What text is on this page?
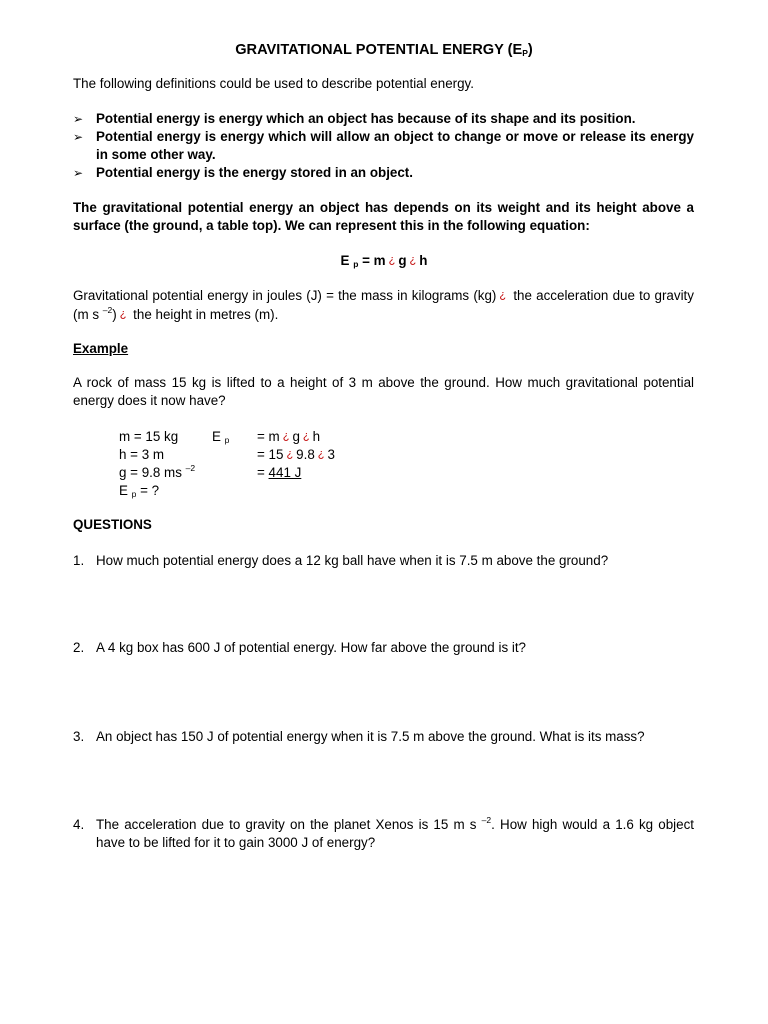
GRAVITATIONAL POTENTIAL ENERGY $(E_P)$
The following definitions could be used to describe potential energy.
➢ Potential energy is energy which an object has because of its shape and its position.
➢ Potential energy is energy which will allow an object to change or move or release its energy in some other way.
➢ Potential energy is the energy stored in an object.
The gravitational potential energy an object has depends on its weight and its height above a surface (the ground, a table top). We can represent this in the following equation:
E $_p$ = m ¿ g ¿ h
Gravitational potential energy in joules (J) = the mass in kilograms (kg) ¿ the acceleration due to gravity (m s $^{-2}$) ¿ the height in metres (m).
Example
A rock of mass 15 kg is lifted to a height of 3 m above the ground. How much gravitational potential energy does it now have?
m = 15 kg
h = 3 m
g = 9.8 ms $^{-2}$
E $_p$ = ?
E $_p$ = m ¿ g ¿ h
= 15 ¿ 9.8 ¿ 3
= 441 J
QUESTIONS
1. How much potential energy does a 12 kg ball have when it is 7.5 m above the ground?
2. A 4 kg box has 600 J of potential energy. How far above the ground is it?
3. An object has 150 J of potential energy when it is 7.5 m above the ground. What is its mass?
4. The acceleration due to gravity on the planet Xenos is 15 m s $^{-2}$. How high would a 1.6 kg object have to be lifted for it to gain 3000 J of energy?
